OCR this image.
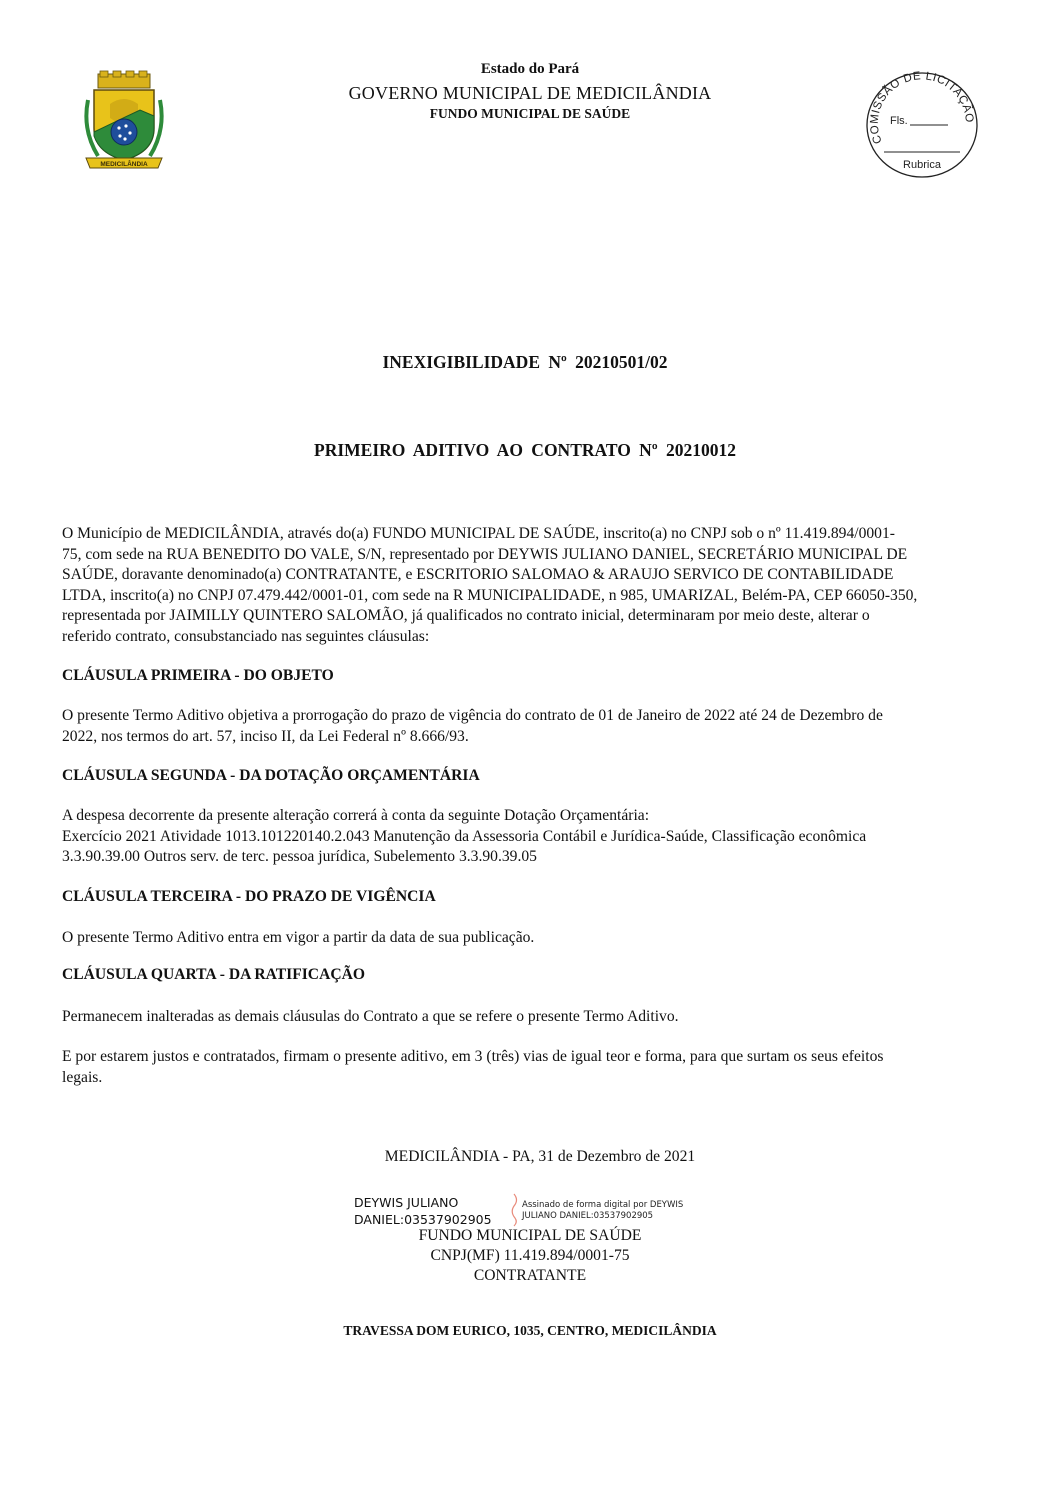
MEDICILÂNDIA
Estado do Pará
GOVERNO MUNICIPAL DE MEDICILÂNDIA
FUNDO MUNICIPAL DE SAÚDE
COMISSÃO DE LICITAÇÃO
Fls.
Rubrica
INEXIGIBILIDADE Nº 20210501/02
PRIMEIRO ADITIVO AO CONTRATO Nº 20210012
O Município de MEDICILÂNDIA, através do(a) FUNDO MUNICIPAL DE SAÚDE, inscrito(a) no CNPJ sob o nº 11.419.894/0001-
75, com sede na RUA BENEDITO DO VALE, S/N, representado por DEYWIS JULIANO DANIEL, SECRETÁRIO MUNICIPAL DE
SAÚDE, doravante denominado(a) CONTRATANTE, e ESCRITORIO SALOMAO & ARAUJO SERVICO DE CONTABILIDADE
LTDA, inscrito(a) no CNPJ 07.479.442/0001-01, com sede na R MUNICIPALIDADE, n 985, UMARIZAL, Belém-PA, CEP 66050-350,
representada por JAIMILLY QUINTERO SALOMÃO, já qualificados no contrato inicial, determinaram por meio deste, alterar o
referido contrato, consubstanciado nas seguintes cláusulas:
CLÁUSULA PRIMEIRA - DO OBJETO
O presente Termo Aditivo objetiva a prorrogação do prazo de vigência do contrato de 01 de Janeiro de 2022 até 24 de Dezembro de
2022, nos termos do art. 57, inciso II, da Lei Federal nº 8.666/93.
CLÁUSULA SEGUNDA - DA DOTAÇÃO ORÇAMENTÁRIA
A despesa decorrente da presente alteração correrá à conta da seguinte Dotação Orçamentária:
Exercício 2021 Atividade 1013.101220140.2.043 Manutenção da Assessoria Contábil e Jurídica-Saúde, Classificação econômica
3.3.90.39.00 Outros serv. de terc. pessoa jurídica, Subelemento 3.3.90.39.05
CLÁUSULA TERCEIRA - DO PRAZO DE VIGÊNCIA
O presente Termo Aditivo entra em vigor a partir da data de sua publicação.
CLÁUSULA QUARTA - DA RATIFICAÇÃO
Permanecem inalteradas as demais cláusulas do Contrato a que se refere o presente Termo Aditivo.
E por estarem justos e contratados, firmam o presente aditivo, em 3 (três) vias de igual teor e forma, para que surtam os seus efeitos
legais.
MEDICILÂNDIA - PA, 31 de Dezembro de 2021
DEYWIS JULIANO
DANIEL:03537902905
Assinado de forma digital por DEYWIS
JULIANO DANIEL:03537902905
FUNDO MUNICIPAL DE SAÚDE
CNPJ(MF) 11.419.894/0001-75
CONTRATANTE
TRAVESSA DOM EURICO, 1035, CENTRO, MEDICILÂNDIA
